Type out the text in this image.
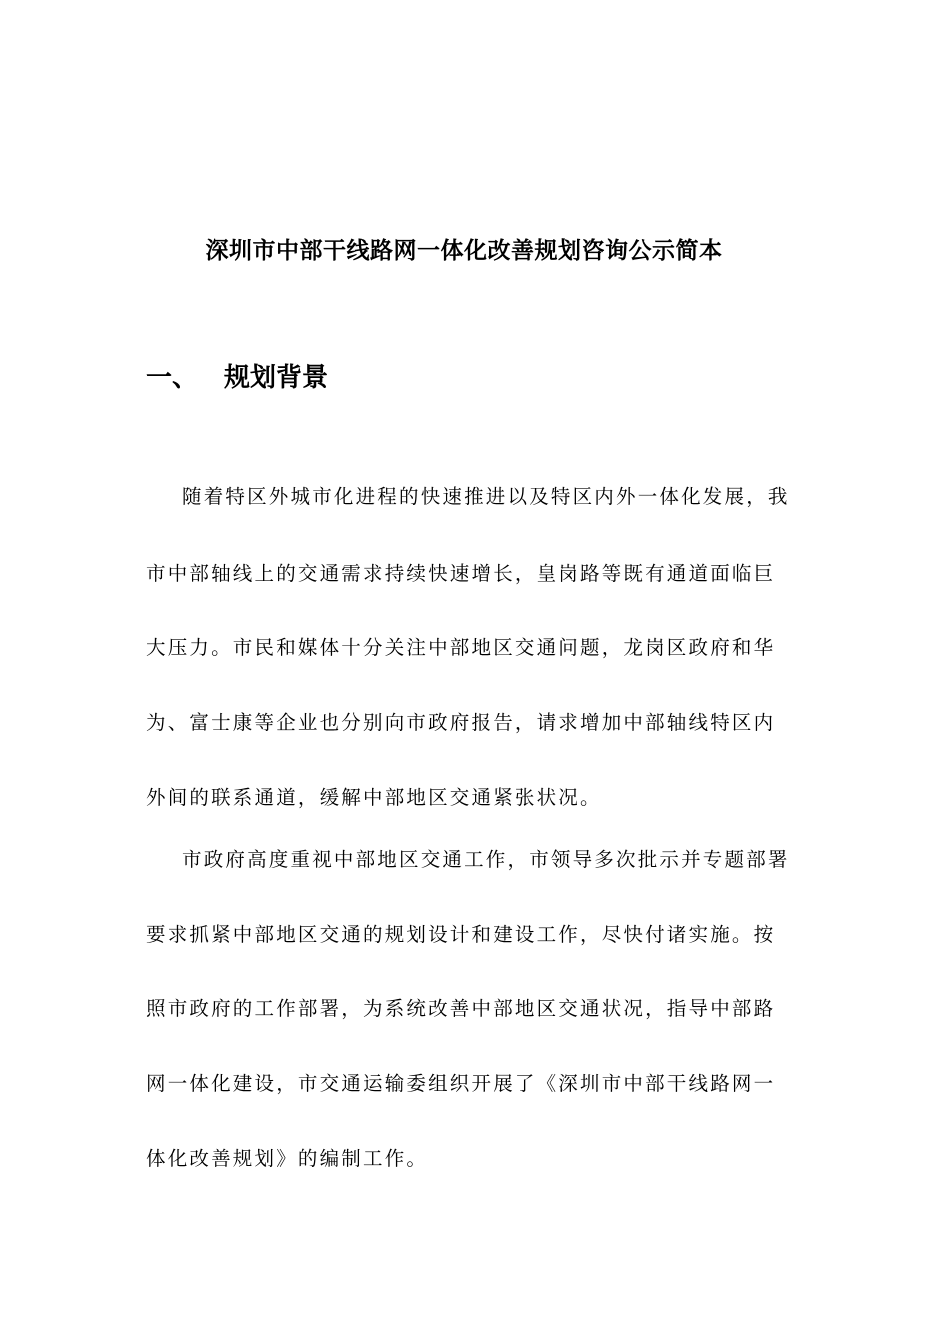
深圳市中部干线路网一体化改善规划咨询公示简本
一、 规划背景
随着特区外城市化进程的快速推进以及特区内外一体化发展，我
市中部轴线上的交通需求持续快速增长，皇岗路等既有通道面临巨
大压力。市民和媒体十分关注中部地区交通问题，龙岗区政府和华
为、富士康等企业也分别向市政府报告，请求增加中部轴线特区内
外间的联系通道，缓解中部地区交通紧张状况。
市政府高度重视中部地区交通工作，市领导多次批示并专题部署
要求抓紧中部地区交通的规划设计和建设工作，尽快付诸实施。按
照市政府的工作部署，为系统改善中部地区交通状况，指导中部路
网一体化建设，市交通运输委组织开展了《深圳市中部干线路网一
体化改善规划》的编制工作。
